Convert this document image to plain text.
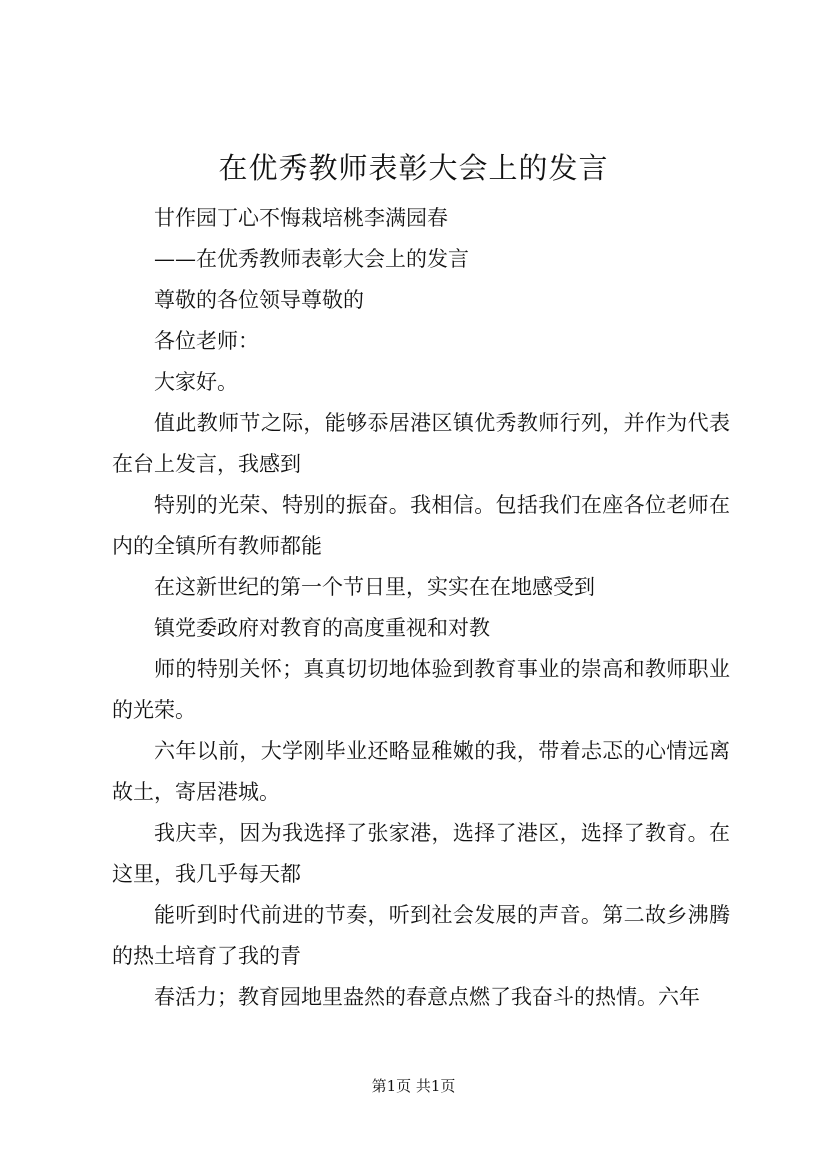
在优秀教师表彰大会上的发言

甘作园丁心不悔栽培桃李满园春

——在优秀教师表彰大会上的发言

尊敬的各位领导尊敬的

各位老师：

大家好。

值此教师节之际，能够忝居港区镇优秀教师行列，并作为代表在台上发言，我感到

特别的光荣、特别的振奋。我相信。包括我们在座各位老师在内的全镇所有教师都能

在这新世纪的第一个节日里，实实在在地感受到

镇党委政府对教育的高度重视和对教

师的特别关怀；真真切切地体验到教育事业的崇高和教师职业的光荣。

六年以前，大学刚毕业还略显稚嫩的我，带着忐忑的心情远离故土，寄居港城。

我庆幸，因为我选择了张家港，选择了港区，选择了教育。在这里，我几乎每天都

能听到时代前进的节奏，听到社会发展的声音。第二故乡沸腾的热土培育了我的青

春活力；教育园地里盎然的春意点燃了我奋斗的热情。六年

第1页 共1页
